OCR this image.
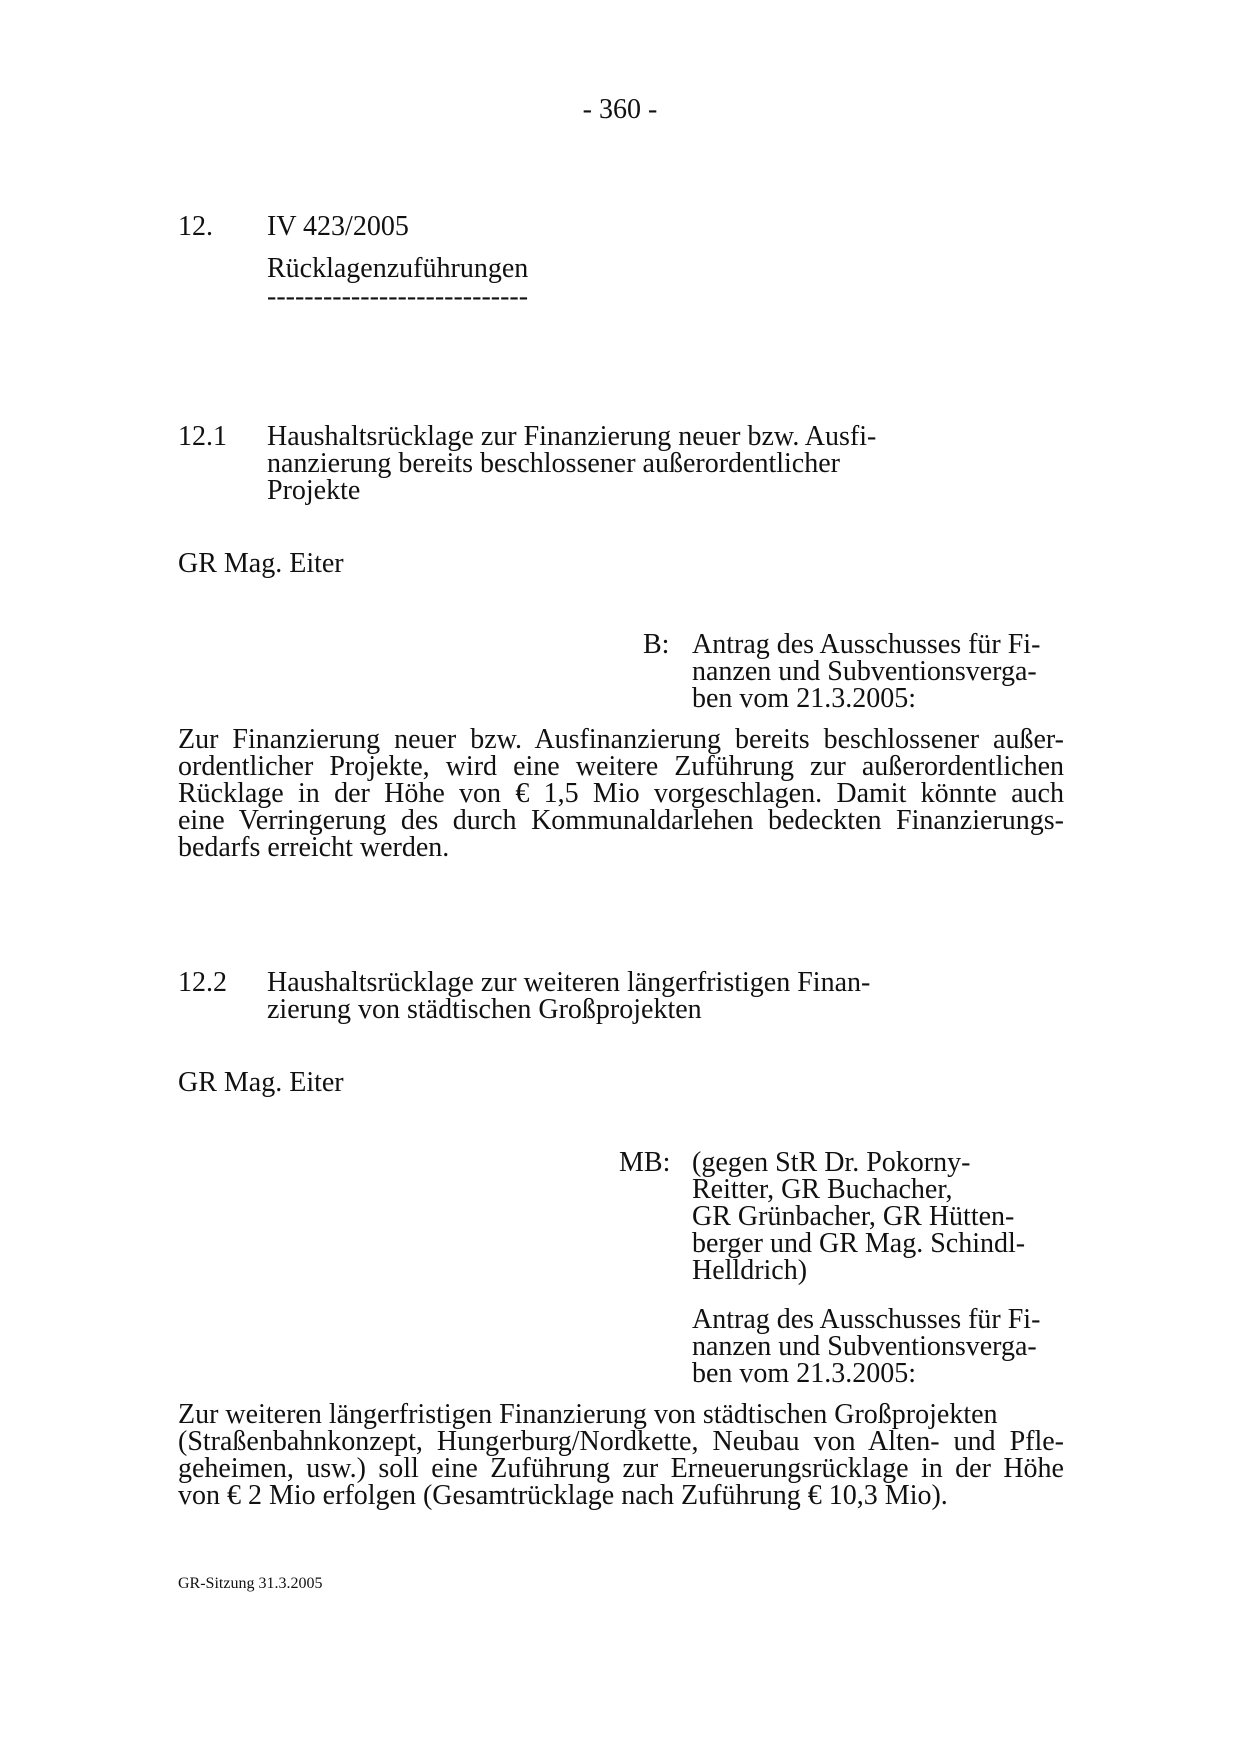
- 360 -
12. IV 423/2005
Rücklagenzuführungen
----------------------------
12.1 Haushaltsrücklage zur Finanzierung neuer bzw. Ausfi-
nanzierung bereits beschlossener außerordentlicher
Projekte
GR Mag. Eiter
B: Antrag des Ausschusses für Fi-
nanzen und Subventionsverga-
ben vom 21.3.2005:
Zur Finanzierung neuer bzw. Ausfinanzierung bereits beschlossener außer-
ordentlicher Projekte, wird eine weitere Zuführung zur außerordentlichen
Rücklage in der Höhe von € 1,5 Mio vorgeschlagen. Damit könnte auch
eine Verringerung des durch Kommunaldarlehen bedeckten Finanzierungs-
bedarfs erreicht werden.
12.2 Haushaltsrücklage zur weiteren längerfristigen Finan-
zierung von städtischen Großprojekten
GR Mag. Eiter
MB: (gegen StR Dr. Pokorny-
Reitter, GR Buchacher,
GR Grünbacher, GR Hütten-
berger und GR Mag. Schindl-
Helldrich)
Antrag des Ausschusses für Fi-
nanzen und Subventionsverga-
ben vom 21.3.2005:
Zur weiteren längerfristigen Finanzierung von städtischen Großprojekten
(Straßenbahnkonzept, Hungerburg/Nordkette, Neubau von Alten- und Pfle-
geheimen, usw.) soll eine Zuführung zur Erneuerungsrücklage in der Höhe
von € 2 Mio erfolgen (Gesamtrücklage nach Zuführung € 10,3 Mio).
GR-Sitzung 31.3.2005
